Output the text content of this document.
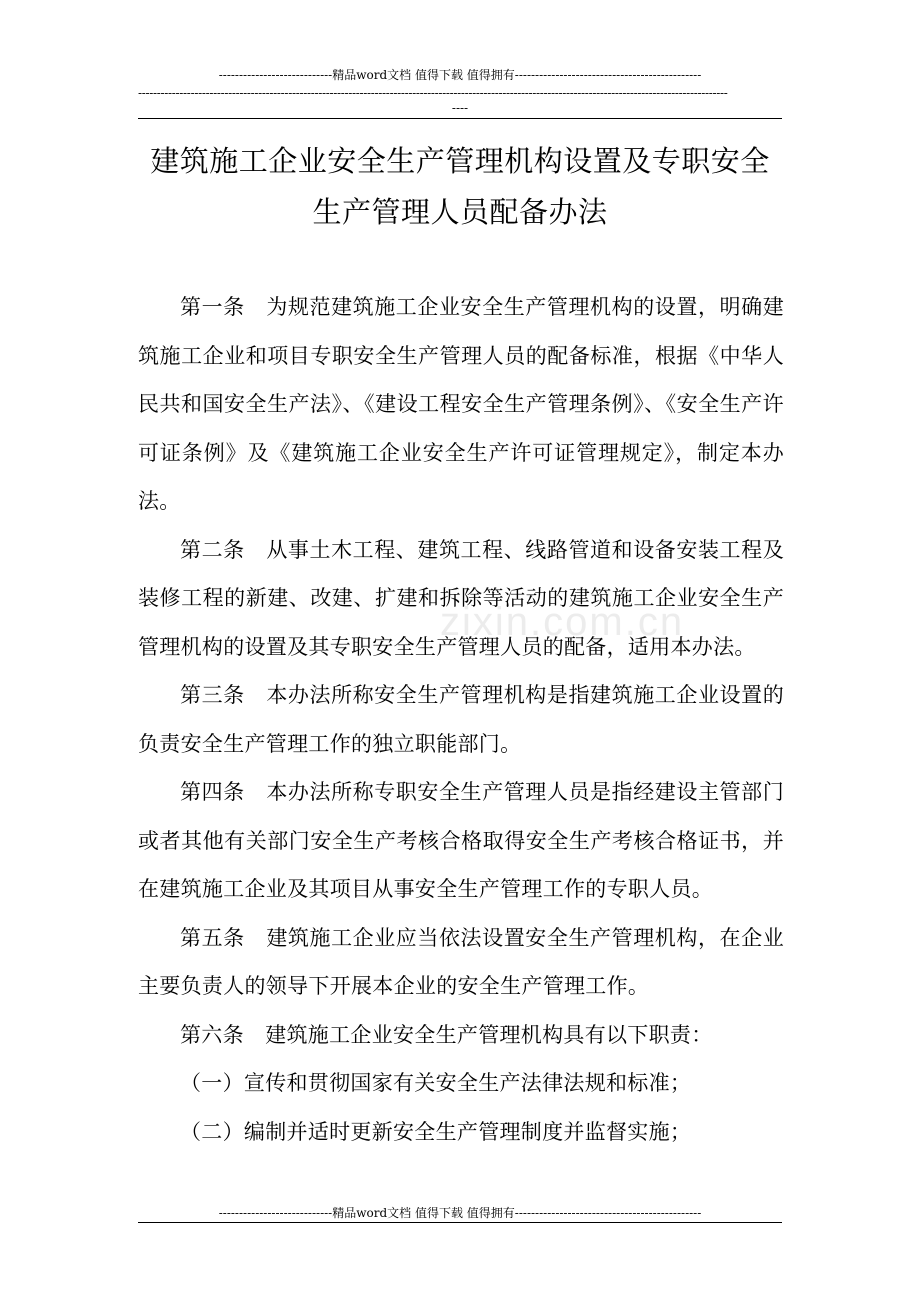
----------------------------精品word文档 值得下载 值得拥有----------------------------------------------
-------------------------------------------------------------------------------------------------------------------------------------------------------------
----
建筑施工企业安全生产管理机构设置及专职安全生产管理人员配备办法
zixin.com.cn

第一条　为规范建筑施工企业安全生产管理机构的设置，明确建筑施工企业和项目专职安全生产管理人员的配备标准，根据《中华人民共和国安全生产法》、《建设工程安全生产管理条例》、《安全生产许可证条例》及《建筑施工企业安全生产许可证管理规定》，制定本办法。

第二条　从事土木工程、建筑工程、线路管道和设备安装工程及装修工程的新建、改建、扩建和拆除等活动的建筑施工企业安全生产管理机构的设置及其专职安全生产管理人员的配备，适用本办法。

第三条　本办法所称安全生产管理机构是指建筑施工企业设置的负责安全生产管理工作的独立职能部门。

第四条　本办法所称专职安全生产管理人员是指经建设主管部门或者其他有关部门安全生产考核合格取得安全生产考核合格证书，并在建筑施工企业及其项目从事安全生产管理工作的专职人员。

第五条　建筑施工企业应当依法设置安全生产管理机构，在企业主要负责人的领导下开展本企业的安全生产管理工作。

第六条　建筑施工企业安全生产管理机构具有以下职责：

（一）宣传和贯彻国家有关安全生产法律法规和标准；

（二）编制并适时更新安全生产管理制度并监督实施；

----------------------------精品word文档 值得下载 值得拥有----------------------------------------------
